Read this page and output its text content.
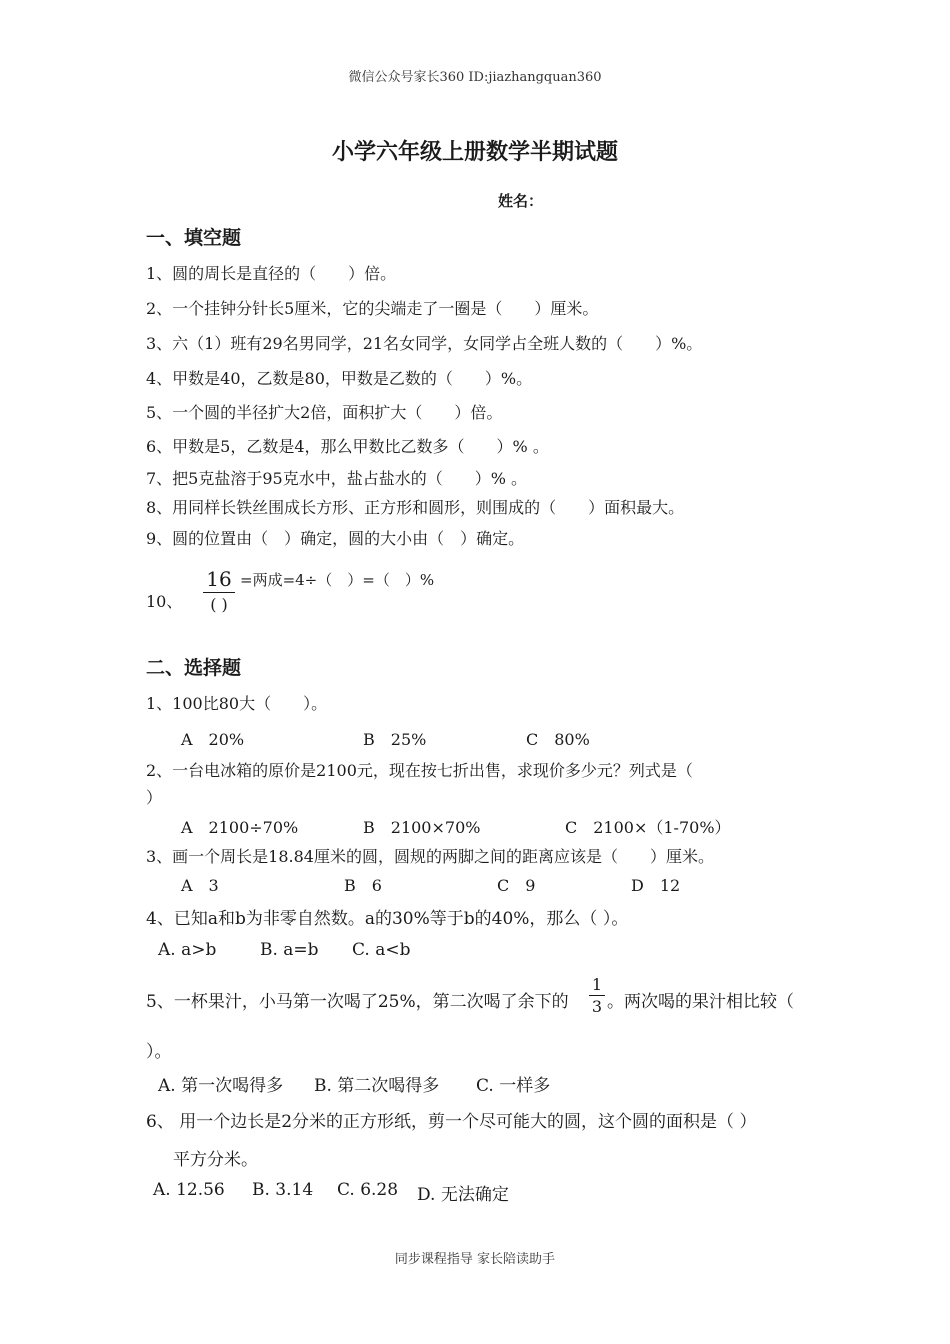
微信公众号家长360 ID:jiazhangquan360
小学六年级上册数学半期试题
姓名：
一、填空题
1、圆的周长是直径的（　　）倍。
2、一个挂钟分针长5厘米，它的尖端走了一圈是（　　）厘米。
3、六（1）班有29名男同学，21名女同学，女同学占全班人数的（　　）%。
4、甲数是40，乙数是80，甲数是乙数的（　　）%。
5、一个圆的半径扩大2倍，面积扩大（　　）倍。
6、甲数是5，乙数是4，那么甲数比乙数多（　　）% 。
7、把5克盐溶于95克水中，盐占盐水的（　　）% 。
8、用同样长铁丝围成长方形、正方形和圆形，则围成的（　　）面积最大。
9、圆的位置由（　）确定，圆的大小由（　）确定。
10、
16
( )
=两成=4÷（　）=（　）%
二、选择题
1、100比80大（　　）。
A　20%	B　25%	C　80%
2、一台电冰箱的原价是2100元，现在按七折出售，求现价多少元？列式是（
）
A　2100÷70%	B　2100×70%	C　2100×（1-70%）
3、画一个周长是18.84厘米的圆，圆规的两脚之间的距离应该是（　　）厘米。
A　3	B　6	C　9	D　12
4、已知a和b为非零自然数。a的30%等于b的40%，那么（ ）。
A. a>b	B. a=b C. a<b
5、一杯果汁，小马第一次喝了25%，第二次喝了余下的 $\frac{1}{3}$ 。两次喝的果汁相比较（
）。
A. 第一次喝得多 B. 第二次喝得多 C. 一样多
6、 用一个边长是2分米的正方形纸，剪一个尽可能大的圆，这个圆的面积是（ ）
平方分米。
A. 12.56 B. 3.14 C. 6.28 D. 无法确定
同步课程指导 家长陪读助手
